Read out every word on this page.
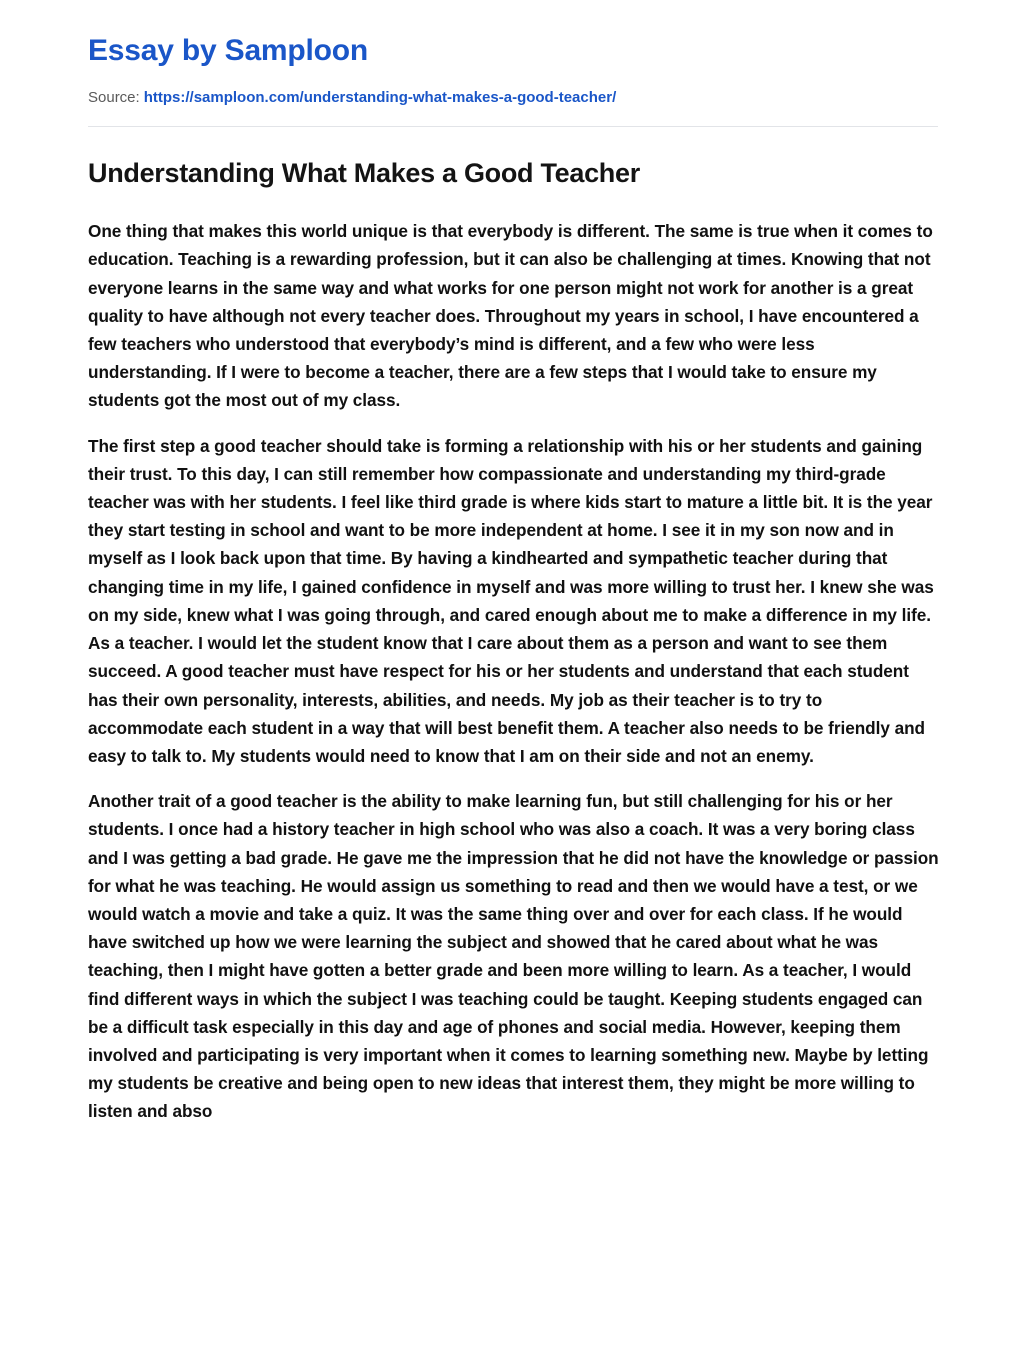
Essay by Samploon
Source: https://samploon.com/understanding-what-makes-a-good-teacher/
Understanding What Makes a Good Teacher

One thing that makes this world unique is that everybody is different. The same is true when it comes to education. Teaching is a rewarding profession, but it can also be challenging at times. Knowing that not everyone learns in the same way and what works for one person might not work for another is a great quality to have although not every teacher does. Throughout my years in school, I have encountered a few teachers who understood that everybody’s mind is different, and a few who were less understanding. If I were to become a teacher, there are a few steps that I would take to ensure my students got the most out of my class.

The first step a good teacher should take is forming a relationship with his or her students and gaining their trust. To this day, I can still remember how compassionate and understanding my third-grade teacher was with her students. I feel like third grade is where kids start to mature a little bit. It is the year they start testing in school and want to be more independent at home. I see it in my son now and in myself as I look back upon that time. By having a kindhearted and sympathetic teacher during that changing time in my life, I gained confidence in myself and was more willing to trust her. I knew she was on my side, knew what I was going through, and cared enough about me to make a difference in my life. As a teacher. I would let the student know that I care about them as a person and want to see them succeed. A good teacher must have respect for his or her students and understand that each student has their own personality, interests, abilities, and needs. My job as their teacher is to try to accommodate each student in a way that will best benefit them. A teacher also needs to be friendly and easy to talk to. My students would need to know that I am on their side and not an enemy.

Another trait of a good teacher is the ability to make learning fun, but still challenging for his or her students. I once had a history teacher in high school who was also a coach. It was a very boring class and I was getting a bad grade. He gave me the impression that he did not have the knowledge or passion for what he was teaching. He would assign us something to read and then we would have a test, or we would watch a movie and take a quiz. It was the same thing over and over for each class. If he would have switched up how we were learning the subject and showed that he cared about what he was teaching, then I might have gotten a better grade and been more willing to learn. As a teacher, I would find different ways in which the subject I was teaching could be taught. Keeping students engaged can be a difficult task especially in this day and age of phones and social media. However, keeping them involved and participating is very important when it comes to learning something new. Maybe by letting my students be creative and being open to new ideas that interest them, they might be more willing to listen and abso
